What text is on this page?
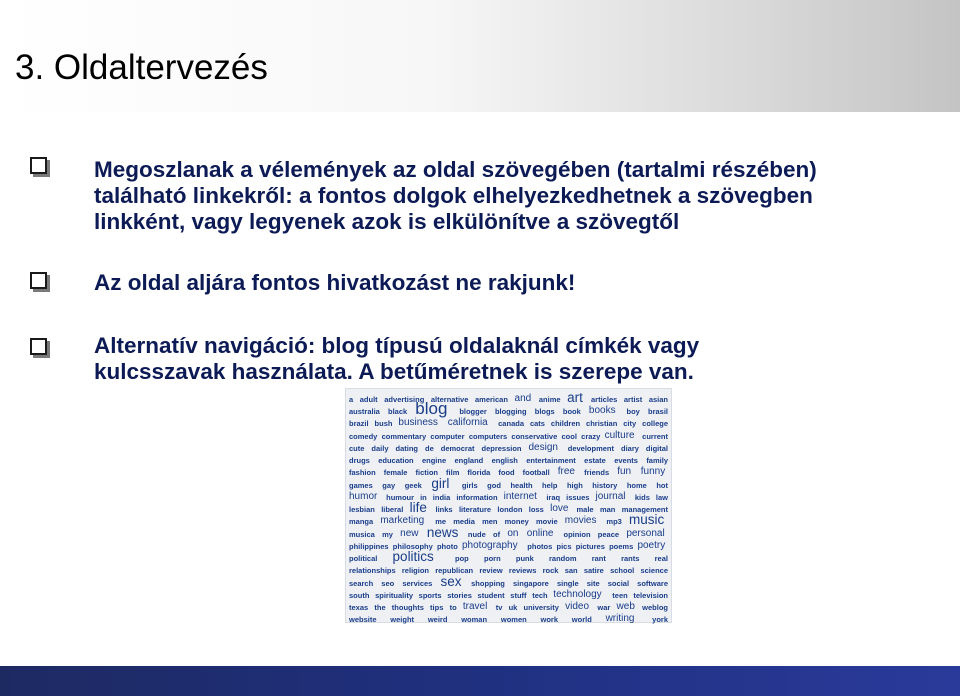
3. Oldaltervezés
Megoszlanak a vélemények az oldal szövegében (tartalmi részében)
található linkekről: a fontos dolgok elhelyezkedhetnek a szövegben
linkként, vagy legyenek azok is elkülönítve a szövegtől
Az oldal aljára fontos hivatkozást ne rakjunk!
Alternatív navigáció: blog típusú oldalaknál címkék vagy
kulcsszavak használata. A betűméretnek is szerepe van.
a adult advertising alternative american and anime art articles artist asian
australia black blog blogger blogging blogs book books boy brasil
brazil bush business california canada cats children christian city college
comedy commentary computer computers conservative cool crazy culture current
cute daily dating de democrat depression design development diary digital
drugs education engine england english entertainment estate events family
fashion female fiction film florida food football free friends fun funny
games gay geek girl girls god health help high history home hot
humor humour in india information internet iraq issues journal kids law
lesbian liberal life links literature london loss love male man management
manga marketing me media men money movie movies mp3 music
musica my new news nude of on online opinion peace personal
philippines philosophy photo photography photos pics pictures poems poetry
political politics	pop porn punk random rant rants real
relationships religion republican review reviews rock san satire school science
search seo services sex shopping singapore single site social software
south spirituality sports stories student stuff tech technology teen television
texas the thoughts tips to travel tv uk university video war web weblog
website weight weird woman women work world writing york
